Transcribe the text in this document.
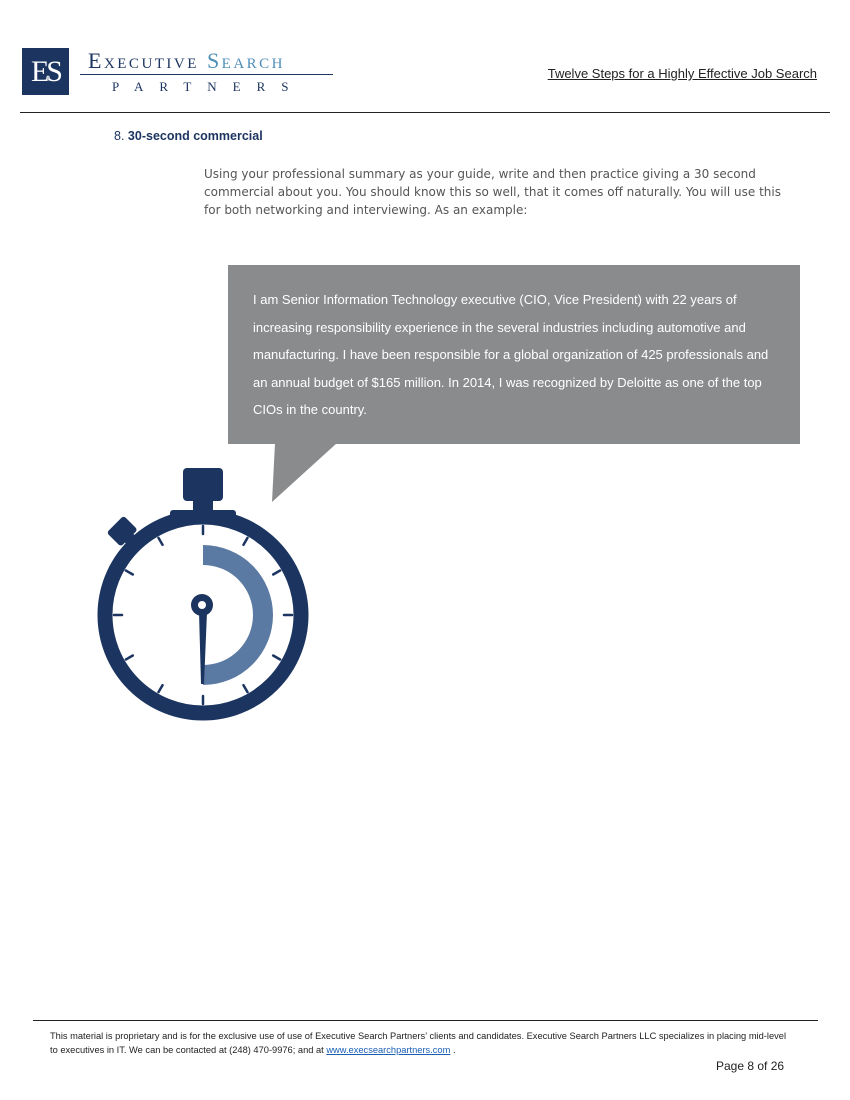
ES	Executive Search
PARTNERS
Twelve Steps for a Highly Effective Job Search
8. 30-second commercial
Using your professional summary as your guide, write and then practice giving a 30 second commercial about you. You should know this so well, that it comes off naturally. You will use this for both networking and interviewing. As an example:
I am Senior Information Technology executive (CIO, Vice President) with 22 years of increasing responsibility experience in the several industries including automotive and manufacturing. I have been responsible for a global organization of 425 professionals and an annual budget of $165 million. In 2014, I was recognized by Deloitte as one of the top CIOs in the country.
This material is proprietary and is for the exclusive use of use of Executive Search Partners’ clients and candidates. Executive Search Partners LLC specializes in placing mid-level to executives in IT. We can be contacted at (248) 470-9976; and at www.execsearchpartners.com .
Page 8 of 26
